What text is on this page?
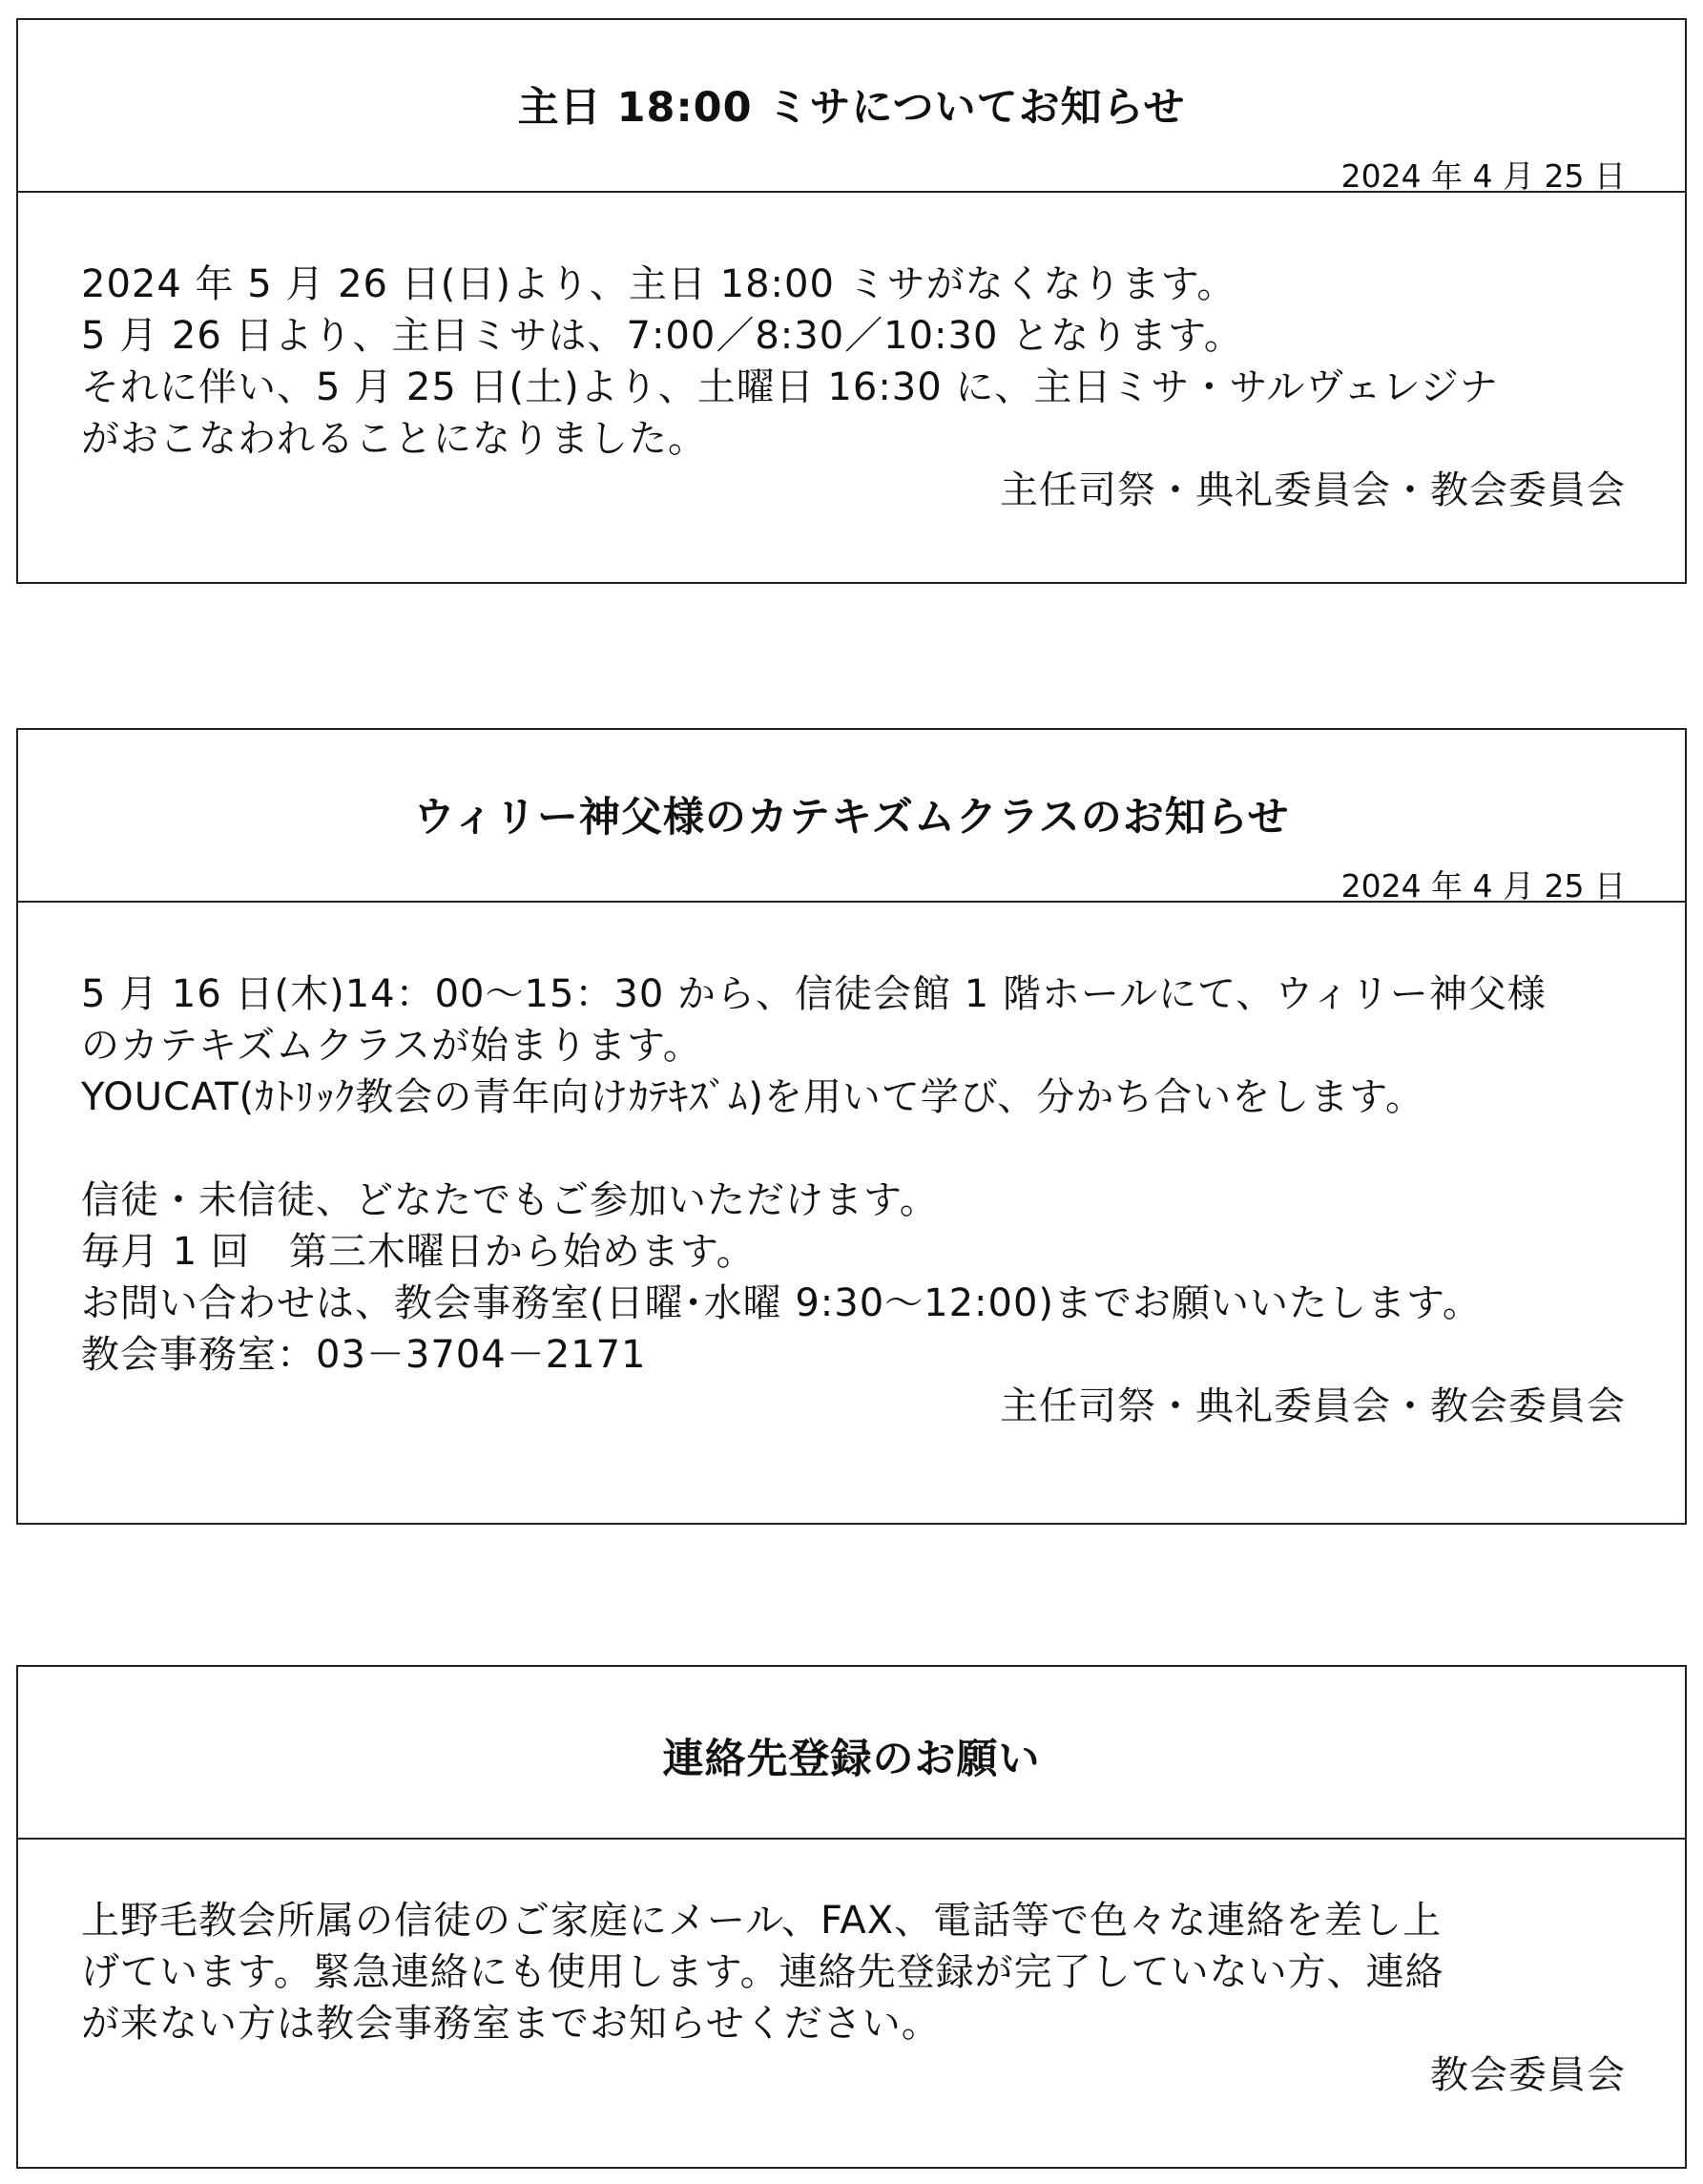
主日 18:00 ミサについてお知らせ
2024 年 4 月 25 日
2024 年 5 月 26 日(日)より、主日 18:00 ミサがなくなります。
5 月 26 日より、主日ミサは、7:00／8:30／10:30 となります。
それに伴い、5 月 25 日(土)より、土曜日 16:30 に、主日ミサ・サルヴェレジナ
がおこなわれることになりました。
主任司祭・典礼委員会・教会委員会
ウィリー神父様のカテキズムクラスのお知らせ
2024 年 4 月 25 日
5 月 16 日(木)14：00～15：30 から、信徒会館 1 階ホールにて、ウィリー神父様
のカテキズムクラスが始まります。
YOUCAT(ｶﾄﾘｯｸ教会の青年向けｶﾃｷｽﾞﾑ)を用いて学び、分かち合いをします。
信徒・未信徒、どなたでもご参加いただけます。
毎月 1 回　第三木曜日から始めます。
お問い合わせは、教会事務室(日曜･水曜 9:30～12:00)までお願いいたします。
教会事務室：03－3704－2171
主任司祭・典礼委員会・教会委員会
連絡先登録のお願い
上野毛教会所属の信徒のご家庭にメール、FAX、電話等で色々な連絡を差し上
げています。緊急連絡にも使用します。連絡先登録が完了していない方、連絡
が来ない方は教会事務室までお知らせください。
教会委員会
